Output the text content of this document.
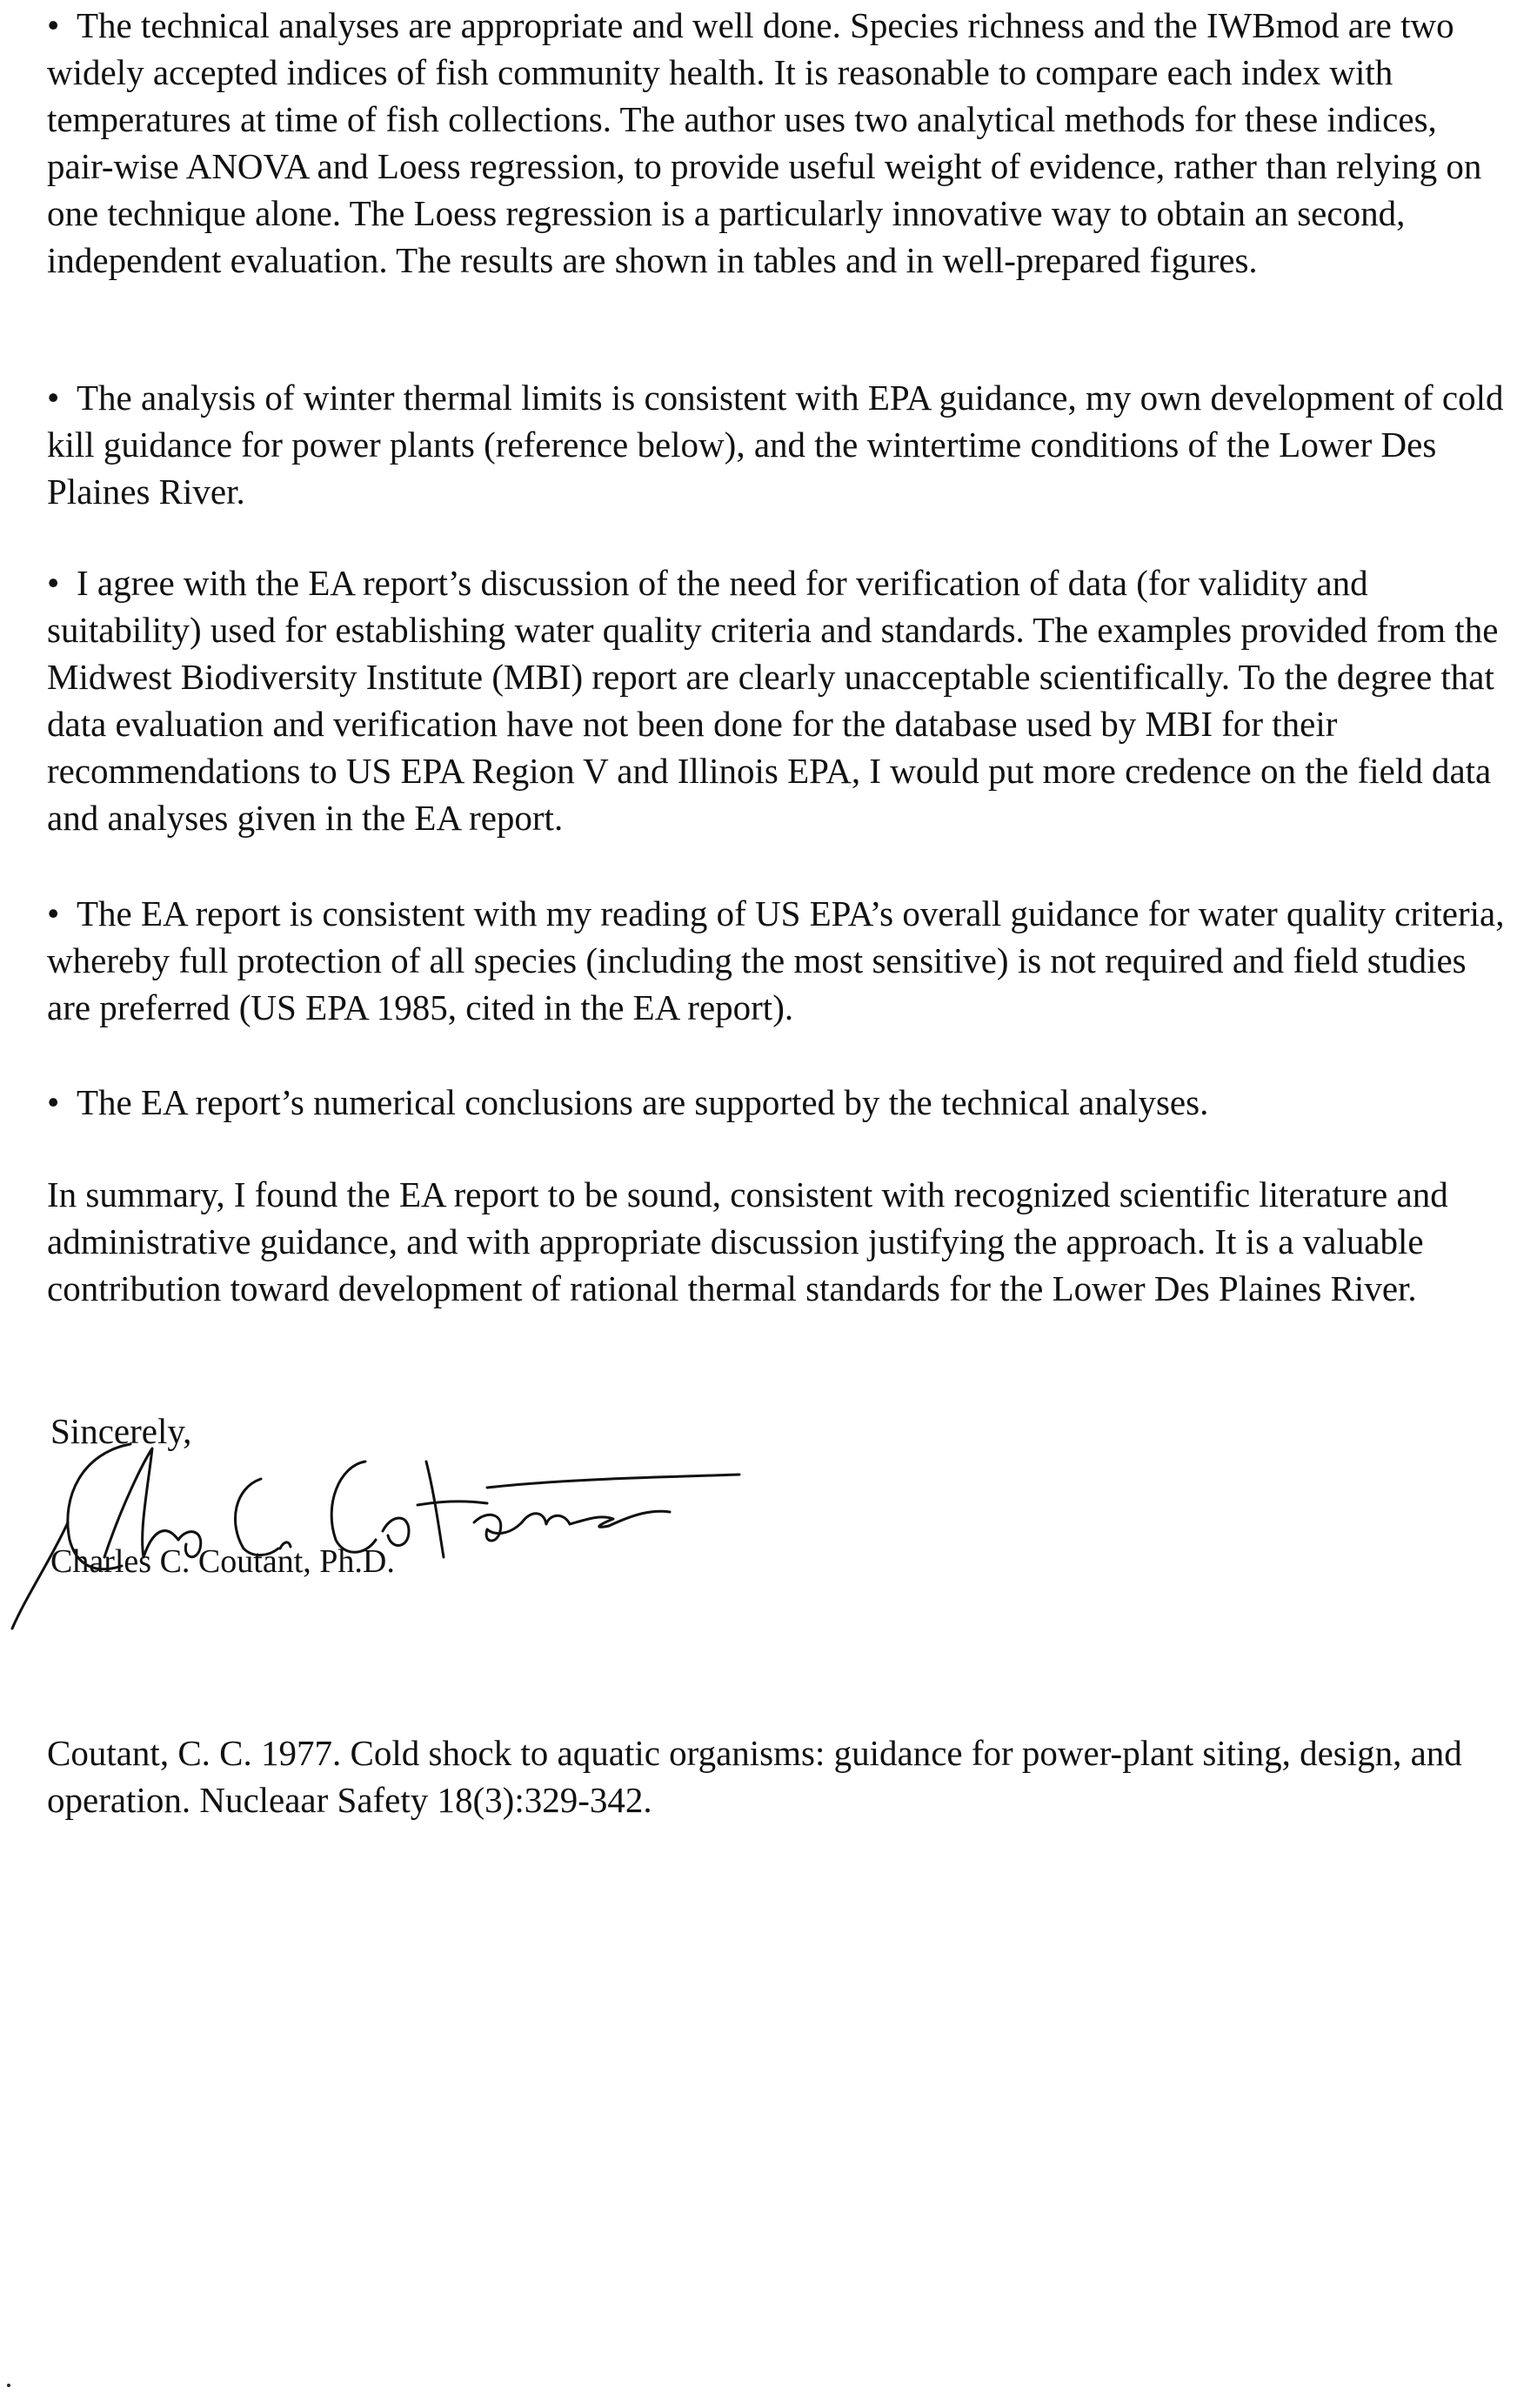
• The technical analyses are appropriate and well done. Species richness and the IWBmod are two widely accepted indices of fish community health. It is reasonable to compare each index with temperatures at time of fish collections. The author uses two analytical methods for these indices, pair-wise ANOVA and Loess regression, to provide useful weight of evidence, rather than relying on one technique alone. The Loess regression is a particularly innovative way to obtain an second, independent evaluation. The results are shown in tables and in well-prepared figures.

• The analysis of winter thermal limits is consistent with EPA guidance, my own development of cold kill guidance for power plants (reference below), and the wintertime conditions of the Lower Des Plaines River.

• I agree with the EA report’s discussion of the need for verification of data (for validity and suitability) used for establishing water quality criteria and standards. The examples provided from the Midwest Biodiversity Institute (MBI) report are clearly unacceptable scientifically. To the degree that data evaluation and verification have not been done for the database used by MBI for their recommendations to US EPA Region V and Illinois EPA, I would put more credence on the field data and analyses given in the EA report.

• The EA report is consistent with my reading of US EPA’s overall guidance for water quality criteria, whereby full protection of all species (including the most sensitive) is not required and field studies are preferred (US EPA 1985, cited in the EA report).

• The EA report’s numerical conclusions are supported by the technical analyses.

In summary, I found the EA report to be sound, consistent with recognized scientific literature and administrative guidance, and with appropriate discussion justifying the approach. It is a valuable contribution toward development of rational thermal standards for the Lower Des Plaines River.

Sincerely,
Charles C. Coutant, Ph.D.

Coutant, C. C. 1977. Cold shock to aquatic organisms: guidance for power-plant siting, design, and operation. Nucleaar Safety 18(3):329-342.
